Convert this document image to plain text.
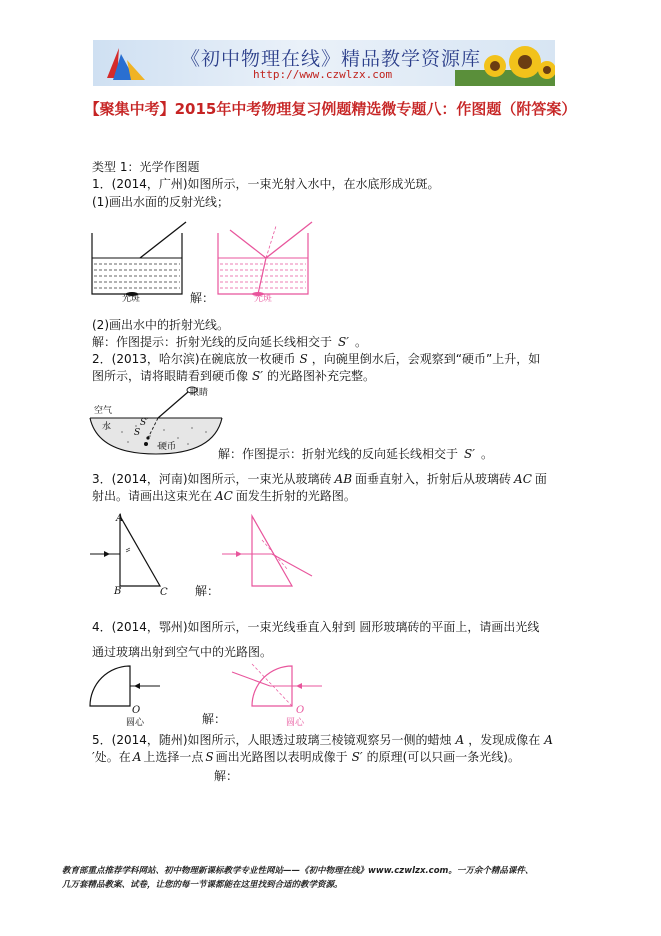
《初中物理在线》精品教学资源库
http://www.czwlzx.com
【聚集中考】2015年中考物理复习例题精选微专题八：作图题（附答案）
类型 1：光学作图题
1．(2014，广州)如图所示，一束光射入水中，在水底形成光斑。
(1)画出水面的反射光线；
光斑	解：	光斑
(2)画出水中的折射光线。
解：作图提示：折射光线的反向延长线相交于 S′ 。
2．(2013，哈尔滨)在碗底放一枚硬币 S ，向碗里倒水后，会观察到“硬币”上升，如
图所示，请将眼睛看到硬币像 S′ 的光路图补充完整。
眼睛
空气
水
硬币
S
S′
解：作图提示：折射光线的反向延长线相交于 S′ 。
3．(2014，河南)如图所示，一束光从玻璃砖 AB 面垂直射入，折射后从玻璃砖 AC 面
射出。请画出这束光在 AC 面发生折射的光路图。
A
B	C 解：
4．(2014，鄂州)如图所示，一束光线垂直入射到 圆形玻璃砖的平面上，请画出光线
通过玻璃出射到空气中的光路图。
O
圆心	解：
O
圆心
5．(2014，随州)如图所示，人眼透过玻璃三棱镜观察另一侧的蜡烛 A ，发现成像在 A
′处。在 A 上选择一点 S 画出光路图以表明成像于 S′ 的原理(可以只画一条光线)。
解：
教育部重点推荐学科网站、初中物理新课标教学专业性网站——《初中物理在线》www.czwlzx.com。一万余个精品课件、
几万套精品教案、试卷，让您的每一节课都能在这里找到合适的教学资源。
